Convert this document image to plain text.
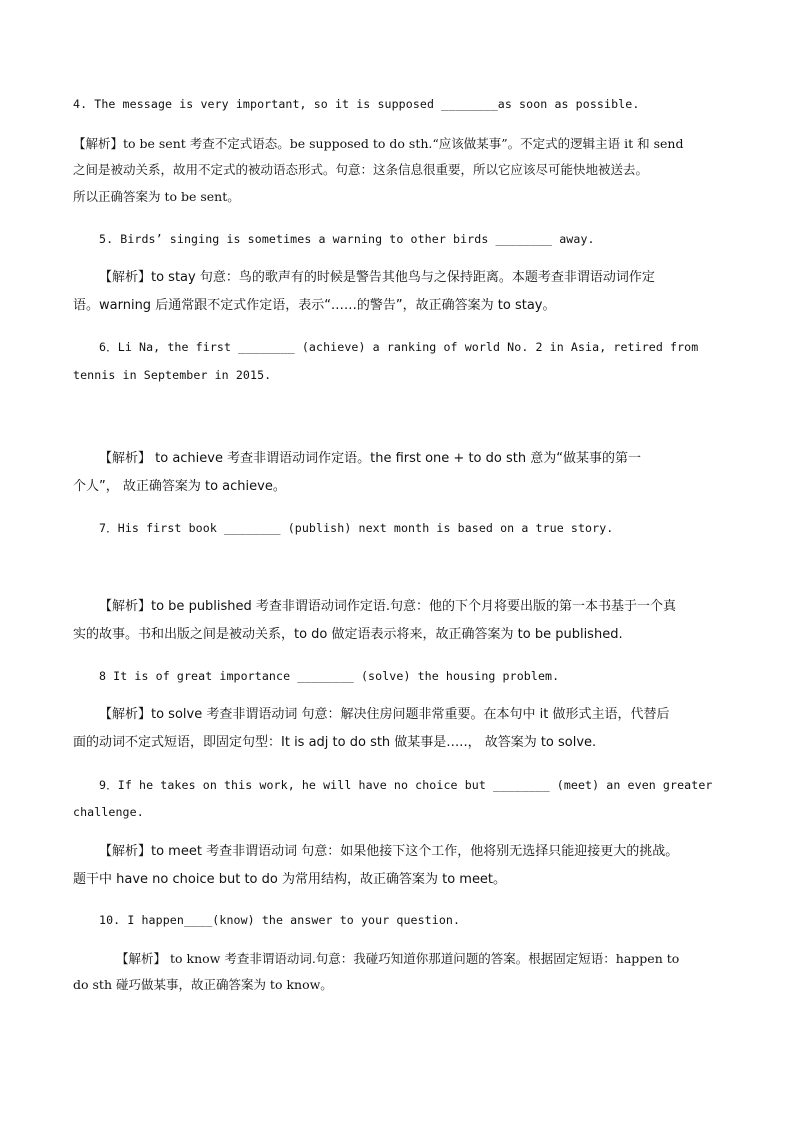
4. The message is very important, so it is supposed ________as soon as possible.
【解析】to be sent 考查不定式语态。be supposed to do sth.“应该做某事”。不定式的逻辑主语 it 和 send
之间是被动关系，故用不定式的被动语态形式。句意：这条信息很重要，所以它应该尽可能快地被送去。
所以正确答案为 to be sent。
5. Birds’ singing is sometimes a warning to other birds ________ away.
【解析】to stay 句意：鸟的歌声有的时候是警告其他鸟与之保持距离。本题考查非谓语动词作定
语。warning 后通常跟不定式作定语，表示“……的警告”，故正确答案为 to stay。
6．Li Na, the first ________ (achieve) a ranking of world No. 2 in Asia, retired from
tennis in September in 2015.
【解析】 to achieve 考查非谓语动词作定语。the first one + to do sth 意为“做某事的第一
个人”， 故正确答案为 to achieve。
7．His first book ________ (publish) next month is based on a true story.
【解析】to be published 考查非谓语动词作定语.句意：他的下个月将要出版的第一本书基于一个真
实的故事。书和出版之间是被动关系，to do 做定语表示将来，故正确答案为 to be published.
8 It is of great importance ________ (solve) the housing problem.
【解析】to solve 考查非谓语动词 句意：解决住房问题非常重要。在本句中 it 做形式主语，代替后
面的动词不定式短语，即固定句型：It is adj to do sth 做某事是…..， 故答案为 to solve.
9．If he takes on this work, he will have no choice but ________ (meet) an even greater
challenge.
【解析】to meet 考查非谓语动词 句意：如果他接下这个工作，他将别无选择只能迎接更大的挑战。
题干中 have no choice but to do 为常用结构，故正确答案为 to meet。
10. I happen____(know) the answer to your question.
【解析】 to know 考查非谓语动词.句意：我碰巧知道你那道问题的答案。根据固定短语：happen to
do sth 碰巧做某事，故正确答案为 to know。
